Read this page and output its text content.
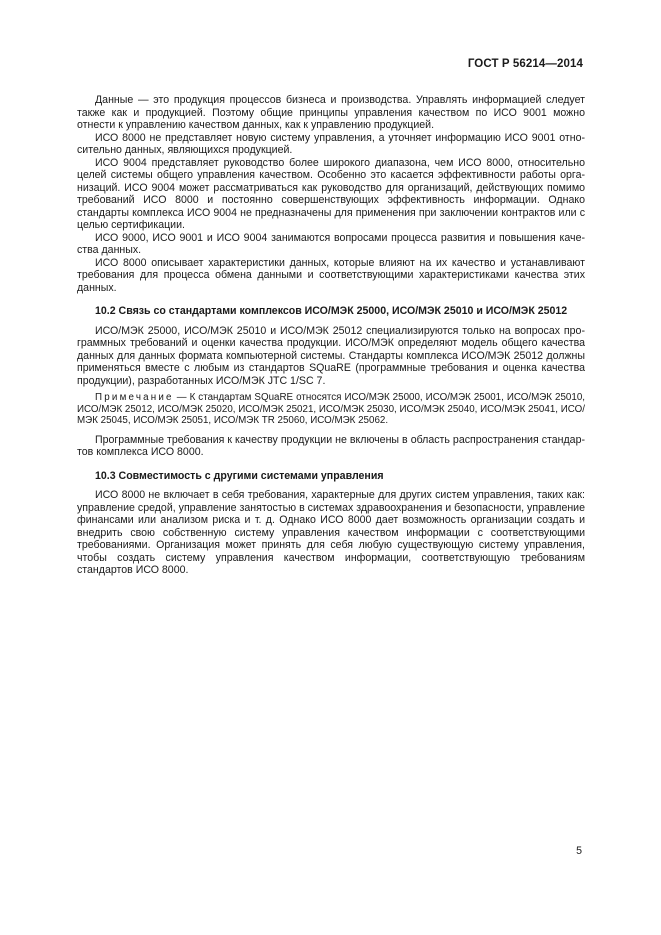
ГОСТ Р 56214—2014

Данные — это продукция процессов бизнеса и производства. Управлять информацией следует также как и продукцией. Поэтому общие принципы управления качеством по ИСО 9001 можно отнести к управлению качеством данных, как к управлению продукцией.

ИСО 8000 не представляет новую систему управления, а уточняет информацию ИСО 9001 относительно данных, являющихся продукцией.

ИСО 9004 представляет руководство более широкого диапазона, чем ИСО 8000, относительно целей системы общего управления качеством. Особенно это касается эффективности работы организаций. ИСО 9004 может рассматриваться как руководство для организаций, действующих помимо требований ИСО 8000 и постоянно совершенствующих эффективность информации. Однако стандарты комплекса ИСО 9004 не предназначены для применения при заключении контрактов или с целью сертификации.

ИСО 9000, ИСО 9001 и ИСО 9004 занимаются вопросами процесса развития и повышения качества данных.

ИСО 8000 описывает характеристики данных, которые влияют на их качество и устанавливают требования для процесса обмена данными и соответствующими характеристиками качества этих данных.

10.2 Связь со стандартами комплексов ИСО/МЭК 25000, ИСО/МЭК 25010 и ИСО/МЭК 25012

ИСО/МЭК 25000, ИСО/МЭК 25010 и ИСО/МЭК 25012 специализируются только на вопросах программных требований и оценки качества продукции. ИСО/МЭК определяют модель общего качества данных для данных формата компьютерной системы. Стандарты комплекса ИСО/МЭК 25012 должны применяться вместе с любым из стандартов SQuaRE (программные требования и оценка качества продукции), разработанных ИСО/МЭК JTC 1/SC 7.

Примечание — К стандартам SQuaRE относятся ИСО/МЭК 25000, ИСО/МЭК 25001, ИСО/МЭК 25010, ИСО/МЭК 25012, ИСО/МЭК 25020, ИСО/МЭК 25021, ИСО/МЭК 25030, ИСО/МЭК 25040, ИСО/МЭК 25041, ИСО/МЭК 25045, ИСО/МЭК 25051, ИСО/МЭК TR 25060, ИСО/МЭК 25062.

Программные требования к качеству продукции не включены в область распространения стандартов комплекса ИСО 8000.

10.3 Совместимость с другими системами управления

ИСО 8000 не включает в себя требования, характерные для других систем управления, таких как: управление средой, управление занятостью в системах здравоохранения и безопасности, управление финансами или анализом риска и т. д. Однако ИСО 8000 дает возможность организации создать и внедрить свою собственную систему управления качеством информации с соответствующими требованиями. Организация может принять для себя любую существующую систему управления, чтобы создать систему управления качеством информации, соответствующую требованиям стандартов ИСО 8000.

5
